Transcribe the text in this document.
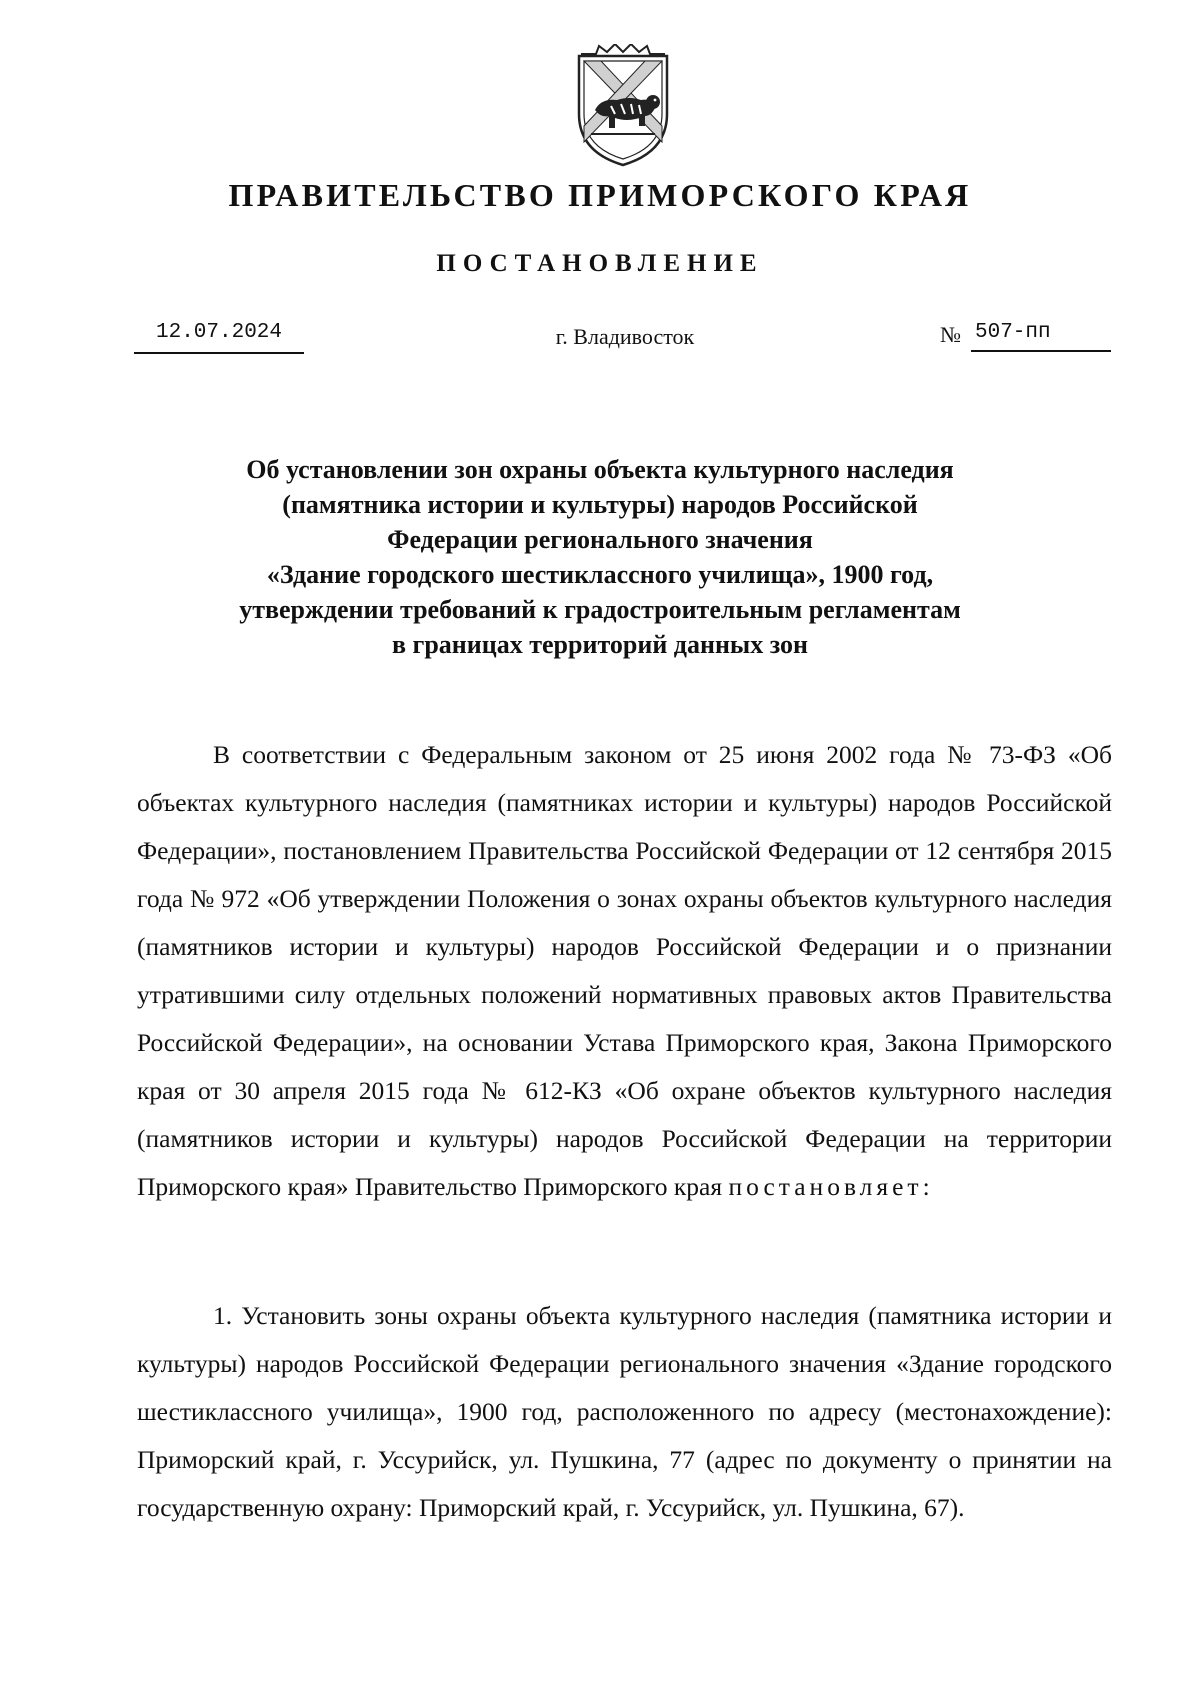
ПРАВИТЕЛЬСТВО ПРИМОРСКОГО КРАЯ
ПОСТАНОВЛЕНИЕ
12.07.2024	г. Владивосток	№ 507-пп
Об установлении зон охраны объекта культурного наследия
(памятника истории и культуры) народов Российской
Федерации регионального значения
«Здание городского шестиклассного училища», 1900 год,
утверждении требований к градостроительным регламентам
в границах территорий данных зон

В соответствии с Федеральным законом от 25 июня 2002 года № 73-ФЗ «Об объектах культурного наследия (памятниках истории и культуры) народов Российской Федерации», постановлением Правительства Российской Федерации от 12 сентября 2015 года № 972 «Об утверждении Положения о зонах охраны объектов культурного наследия (памятников истории и культуры) народов Российской Федерации и о признании утратившими силу отдельных положений нормативных правовых актов Правительства Российской Федерации», на основании Устава Приморского края, Закона Приморского края от 30 апреля 2015 года № 612-КЗ «Об охране объектов культурного наследия (памятников истории и культуры) народов Российской Федерации на территории Приморского края» Правительство Приморского края постановляет:

1. Установить зоны охраны объекта культурного наследия (памятника истории и культуры) народов Российской Федерации регионального значения «Здание городского шестиклассного училища», 1900 год, расположенного по адресу (местонахождение): Приморский край, г. Уссурийск, ул. Пушкина, 77 (адрес по документу о принятии на государственную охрану: Приморский край, г. Уссурийск, ул. Пушкина, 67).
